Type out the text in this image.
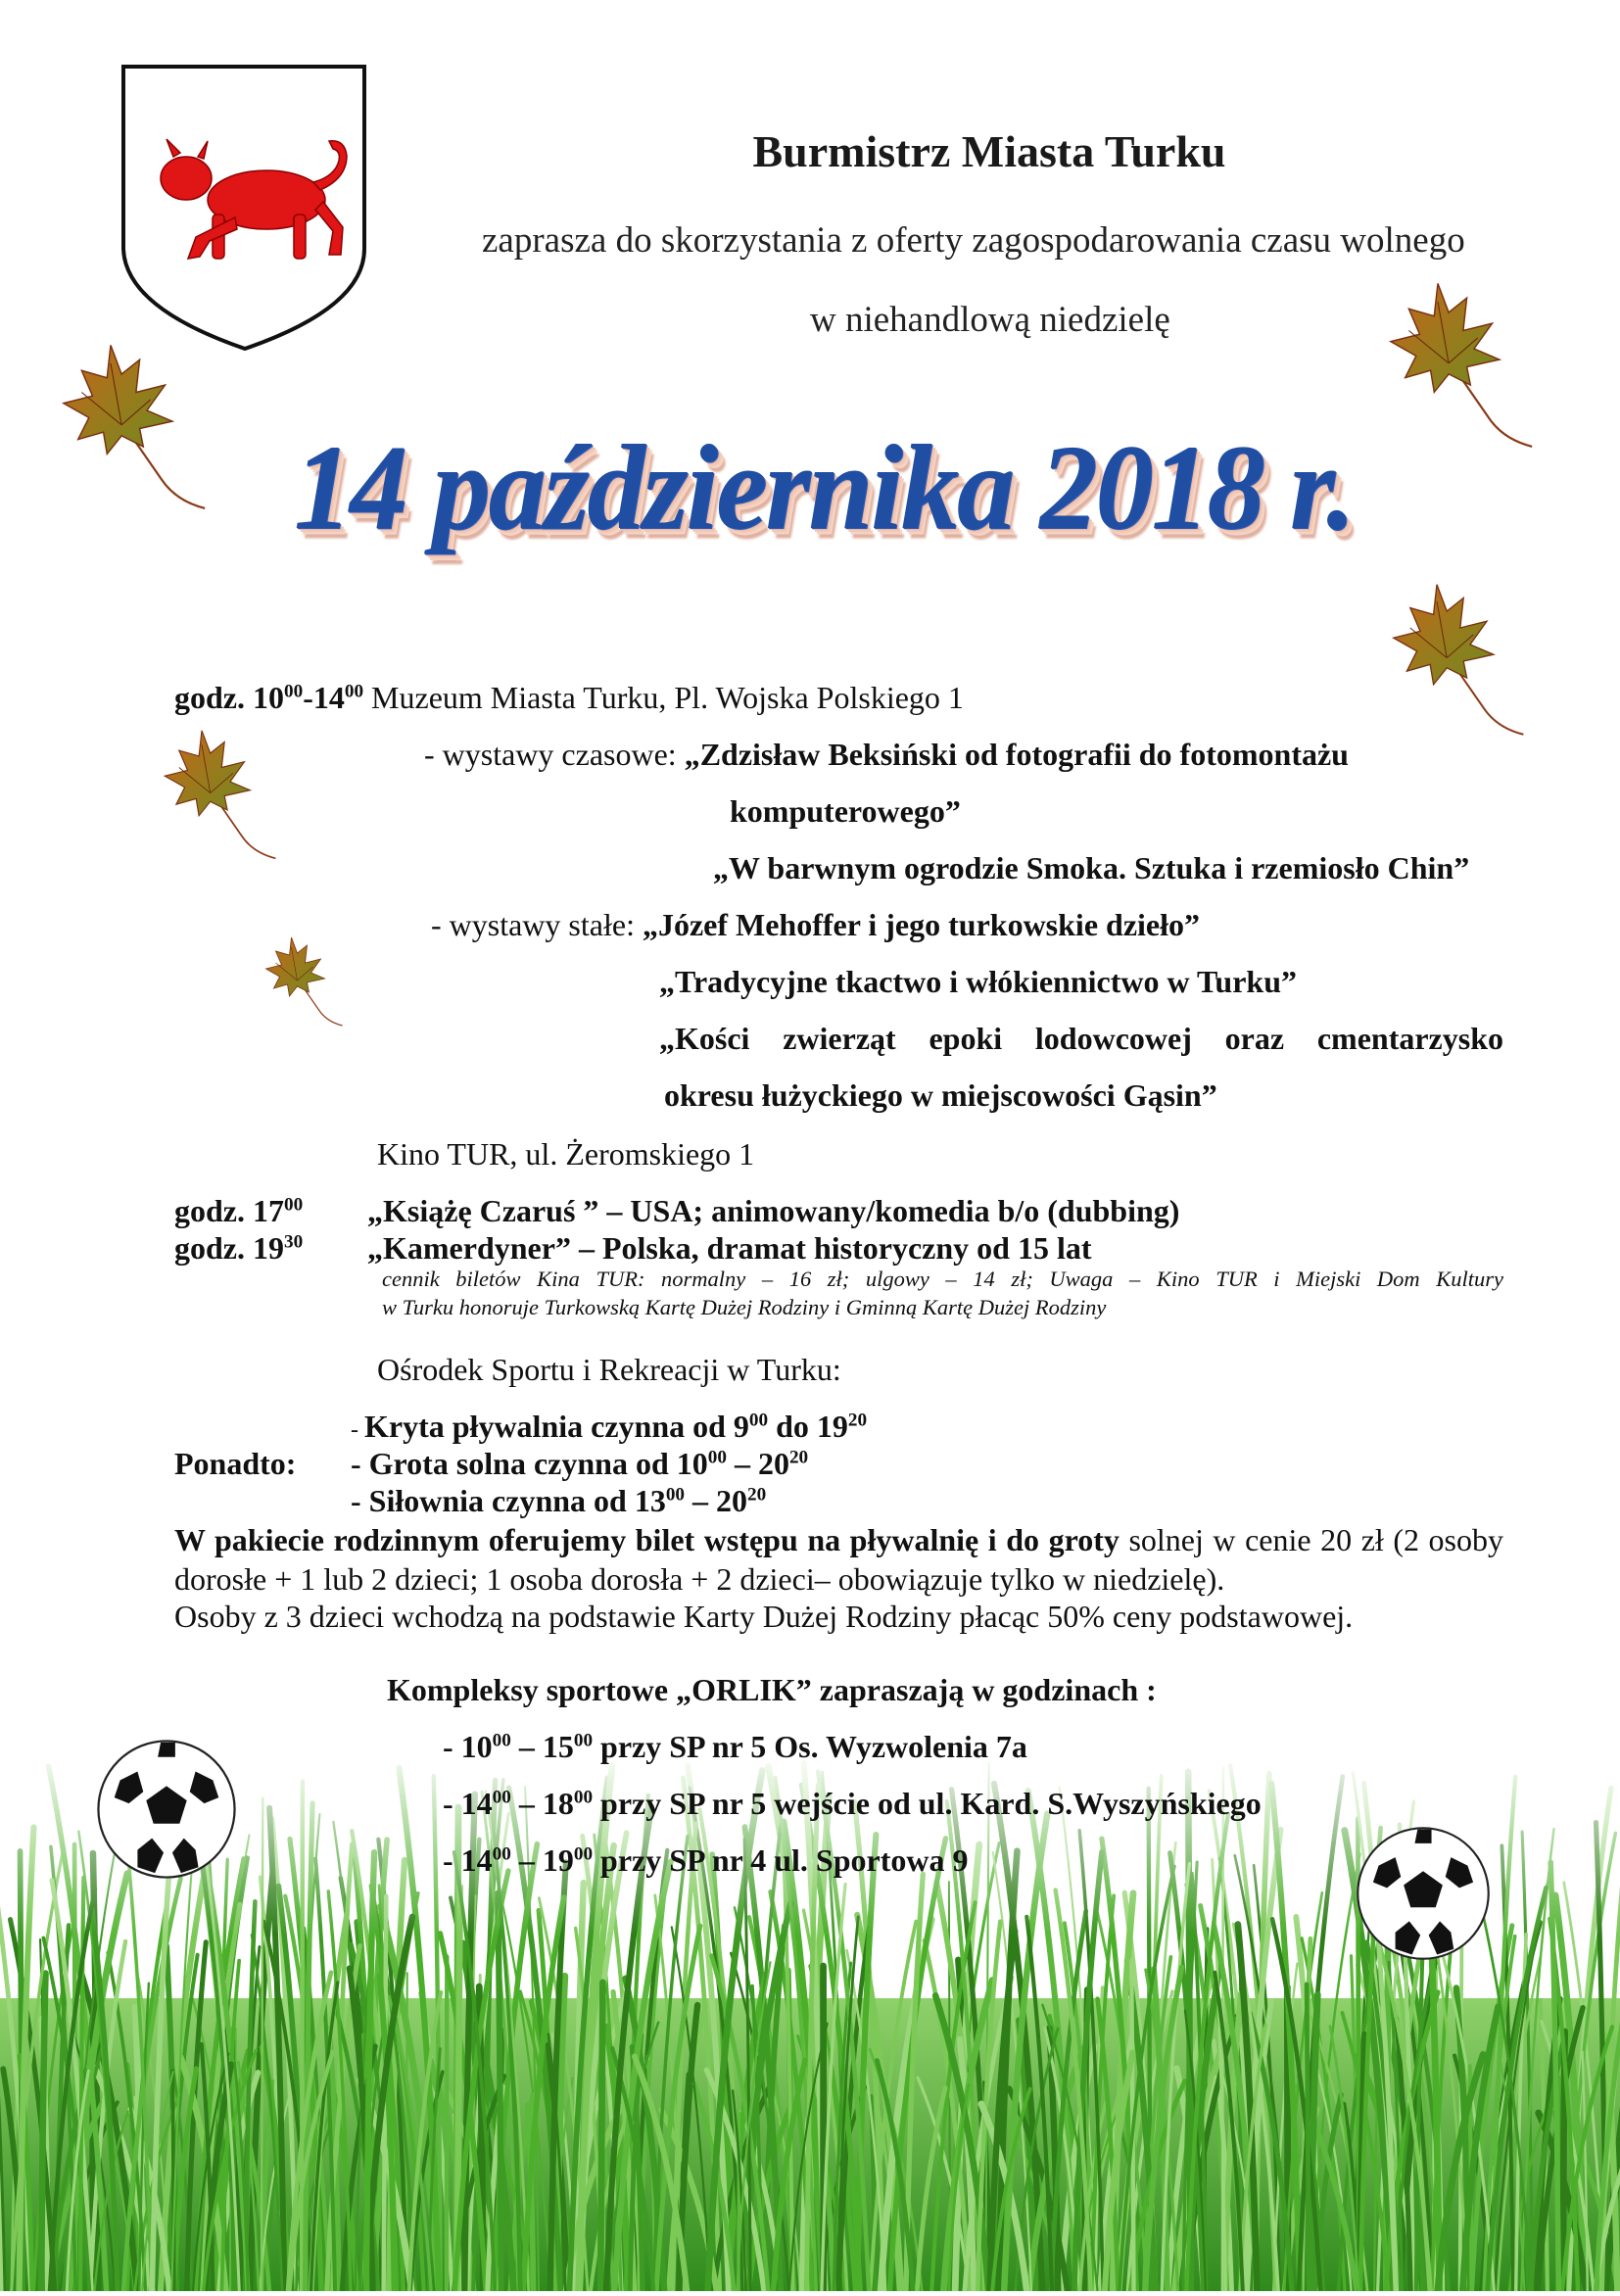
Burmistrz Miasta Turku
zaprasza do skorzystania z oferty zagospodarowania czasu wolnego
w niehandlową niedzielę
14 października 2018 r.
godz. $10^{00}-14^{00}$ Muzeum Miasta Turku, Pl. Wojska Polskiego 1
- wystawy czasowe: „Zdzisław Beksiński od fotografii do fotomontażu
komputerowego”
„W barwnym ogrodzie Smoka. Sztuka i rzemiosło Chin”
- wystawy stałe: „Józef Mehoffer i jego turkowskie dzieło”
„Tradycyjne tkactwo i włókiennictwo w Turku”
„Kości zwierząt epoki lodowcowej oraz cmentarzysko
okresu łużyckiego w miejscowości Gąsin”
Kino TUR, ul. Żeromskiego 1
godz. $17^{00}$ „Książę Czaruś ” – USA; animowany/komedia b/o (dubbing)
godz. $19^{30}$ „Kamerdyner” – Polska, dramat historyczny od 15 lat
cennik biletów Kina TUR: normalny – 16 zł; ulgowy – 14 zł; Uwaga – Kino TUR i Miejski Dom Kultury
w Turku honoruje Turkowską Kartę Dużej Rodziny i Gminną Kartę Dużej Rodziny
Ośrodek Sportu i Rekreacji w Turku:
- Kryta pływalnia czynna od $9^{00}$ do $19^{20}$
Ponadto: - Grota solna czynna od $10^{00} - 20^{20}$
- Siłownia czynna od $13^{00} - 20^{20}$
W pakiecie rodzinnym oferujemy bilet wstępu na pływalnię i do groty solnej w cenie 20 zł (2 osoby dorosłe + 1 lub 2 dzieci; 1 osoba dorosła + 2 dzieci– obowiązuje tylko w niedzielę).
Osoby z 3 dzieci wchodzą na podstawie Karty Dużej Rodziny płacąc 50% ceny podstawowej.
Kompleksy sportowe „ORLIK” zapraszają w godzinach :
- $10^{00} - 15^{00}$ przy SP nr 5 Os. Wyzwolenia 7a
- $14^{00} - 18^{00}$ przy SP nr 5 wejście od ul. Kard. S.Wyszyńskiego
- $14^{00} - 19^{00}$ przy SP nr 4 ul. Sportowa 9
